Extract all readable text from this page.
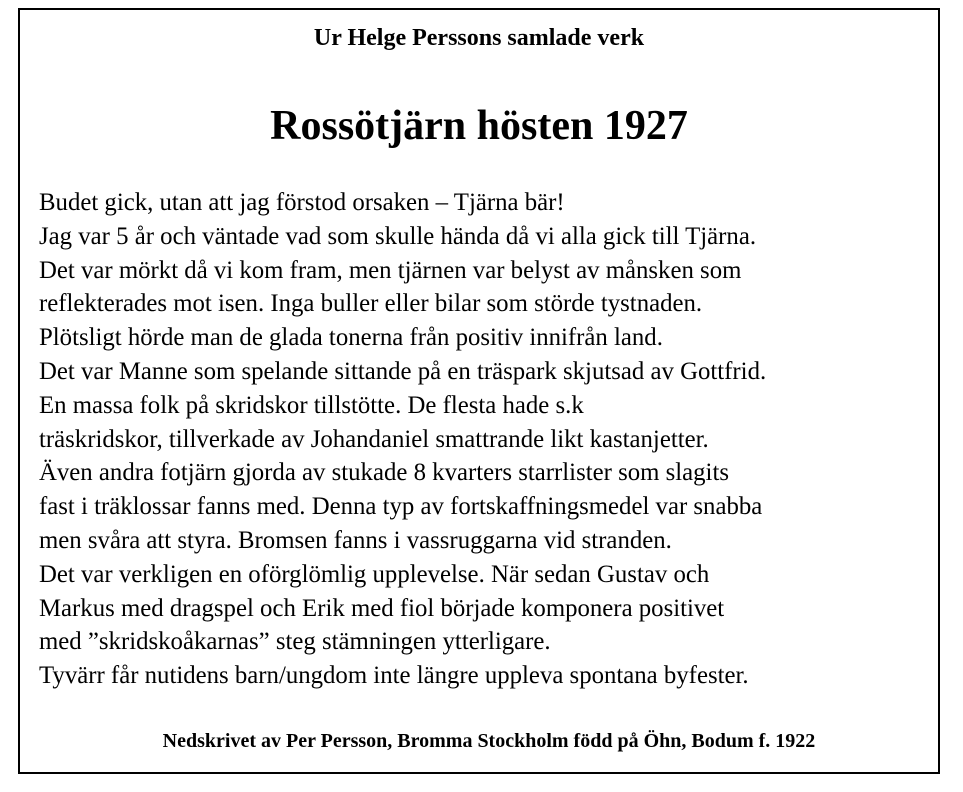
Ur Helge Perssons samlade verk
Rossötjärn hösten 1927
Budet gick, utan att jag förstod orsaken – Tjärna bär!
Jag var 5 år och väntade vad som skulle hända då vi alla gick till Tjärna.
Det var mörkt då vi kom fram, men tjärnen var belyst av månsken som
reflekterades mot isen. Inga buller eller bilar som störde tystnaden.
Plötsligt hörde man de glada tonerna från positiv innifrån land.
Det var Manne som spelande sittande på en träspark skjutsad av Gottfrid.
En massa folk på skridskor tillstötte. De flesta hade s.k
träskridskor, tillverkade av Johandaniel smattrande likt kastanjetter.
Även andra fotjärn gjorda av stukade 8 kvarters starrlister som slagits
fast i träklossar fanns med. Denna typ av fortskaffningsmedel var snabba
men svåra att styra. Bromsen fanns i vassruggarna vid stranden.
Det var verkligen en oförglömlig upplevelse. När sedan Gustav och
Markus med dragspel och Erik med fiol började komponera positivet
med ”skridskoåkarnas” steg stämningen ytterligare.
Tyvärr får nutidens barn/ungdom inte längre uppleva spontana byfester.
Nedskrivet av Per Persson, Bromma Stockholm född på Öhn, Bodum f. 1922
